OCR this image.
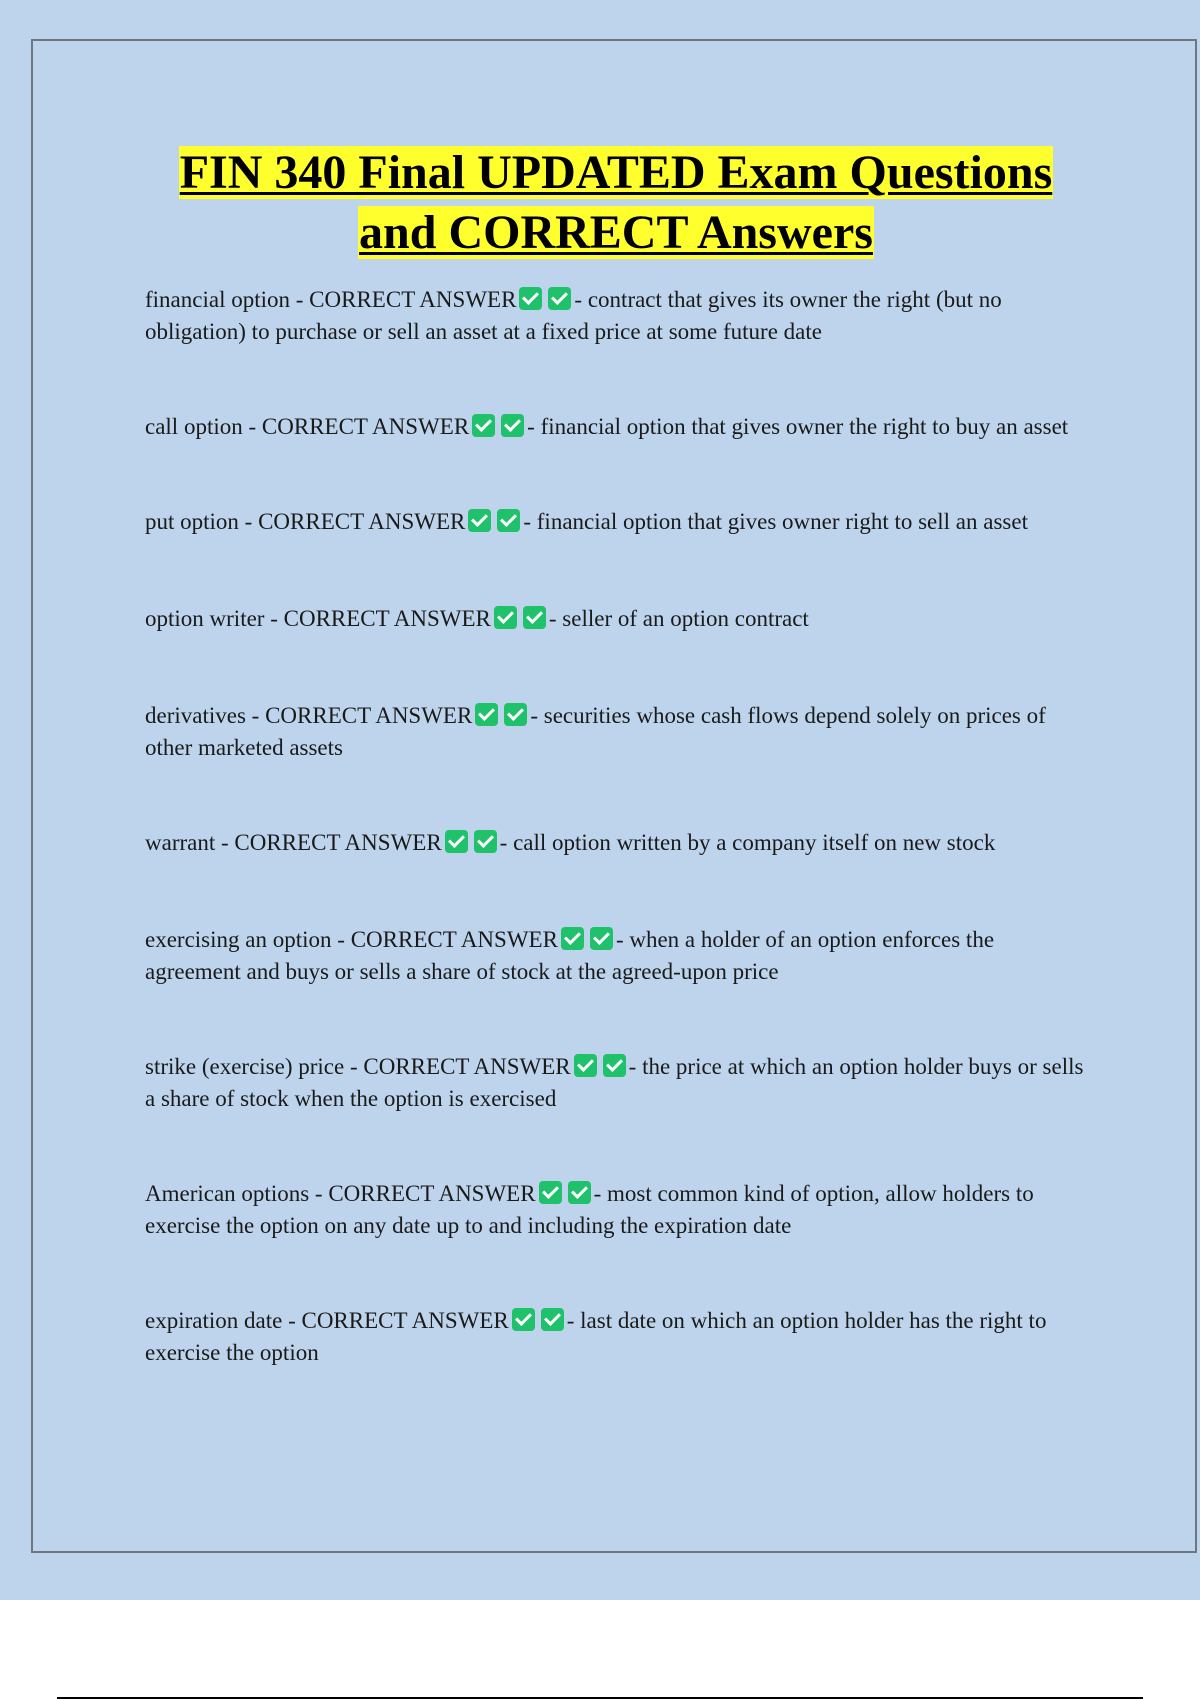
FIN 340 Final UPDATED Exam Questions
and CORRECT Answers
financial option - CORRECT ANSWER	- contract that gives its owner the right (but no obligation) to purchase or sell an asset at a fixed price at some future date
call option - CORRECT ANSWER	- financial option that gives owner the right to buy an asset
put option - CORRECT ANSWER	- financial option that gives owner right to sell an asset
option writer - CORRECT ANSWER	- seller of an option contract
derivatives - CORRECT ANSWER	- securities whose cash flows depend solely on prices of other marketed assets
warrant - CORRECT ANSWER	- call option written by a company itself on new stock
exercising an option - CORRECT ANSWER	- when a holder of an option enforces the agreement and buys or sells a share of stock at the agreed-upon price
strike (exercise) price - CORRECT ANSWER	- the price at which an option holder buys or sells a share of stock when the option is exercised
American options - CORRECT ANSWER	- most common kind of option, allow holders to exercise the option on any date up to and including the expiration date
expiration date - CORRECT ANSWER	- last date on which an option holder has the right to exercise the option
